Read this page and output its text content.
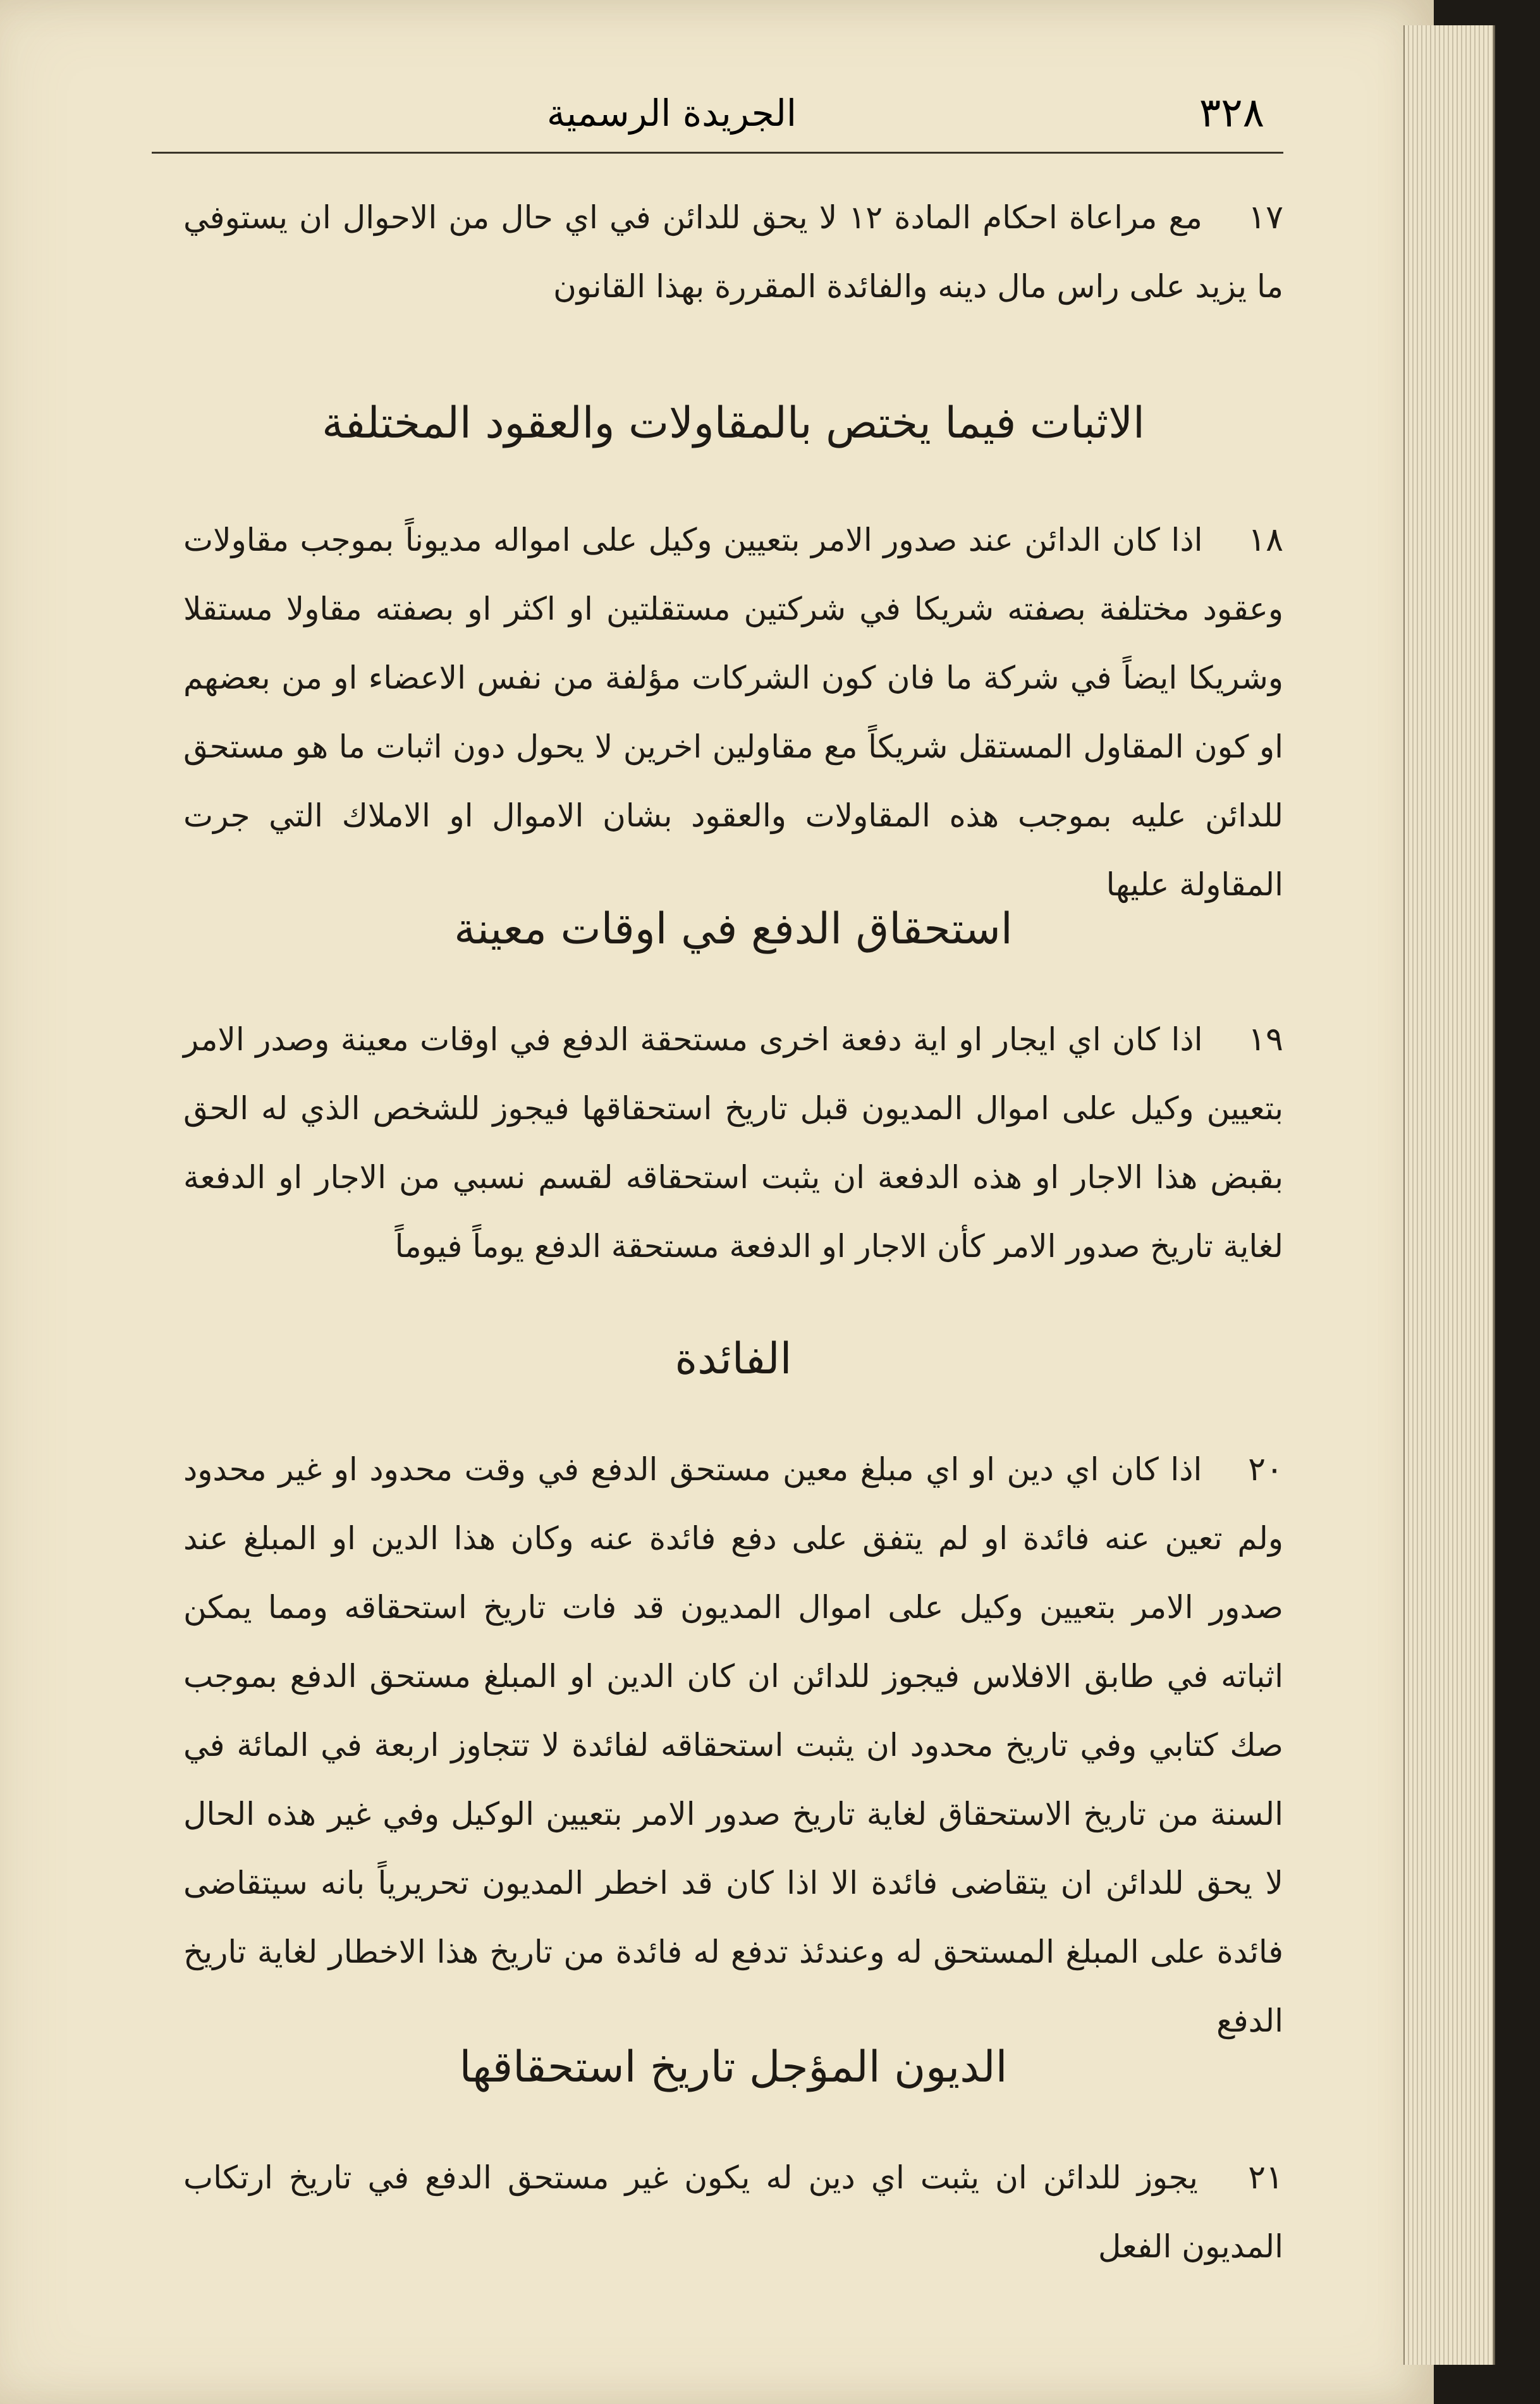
٣٢٨
الجريدة الرسمية
١٧ مع مراعاة احكام المادة ١٢ لا يحق للدائن في اي حال من الاحوال ان يستوفي ما يزيد على راس مال دينه والفائدة المقررة بهذا القانون
الاثبات فيما يختص بالمقاولات والعقود المختلفة
١٨ اذا كان الدائن عند صدور الامر بتعيين وكيل على امواله مديوناً بموجب مقاولات وعقود مختلفة بصفته شريكا في شركتين مستقلتين او اكثر او بصفته مقاولا مستقلا وشريكا ايضاً في شركة ما فان كون الشركات مؤلفة من نفس الاعضاء او من بعضهم او كون المقاول المستقل شريكاً مع مقاولين اخرين لا يحول دون اثبات ما هو مستحق للدائن عليه بموجب هذه المقاولات والعقود بشان الاموال او الاملاك التي جرت المقاولة عليها
استحقاق الدفع في اوقات معينة
١٩ اذا كان اي ايجار او اية دفعة اخرى مستحقة الدفع في اوقات معينة وصدر الامر بتعيين وكيل على اموال المديون قبل تاريخ استحقاقها فيجوز للشخص الذي له الحق بقبض هذا الاجار او هذه الدفعة ان يثبت استحقاقه لقسم نسبي من الاجار او الدفعة لغاية تاريخ صدور الامر كأن الاجار او الدفعة مستحقة الدفع يوماً فيوماً
الفائدة
٢٠ اذا كان اي دين او اي مبلغ معين مستحق الدفع في وقت محدود او غير محدود ولم تعين عنه فائدة او لم يتفق على دفع فائدة عنه وكان هذا الدين او المبلغ عند صدور الامر بتعيين وكيل على اموال المديون قد فات تاريخ استحقاقه ومما يمكن اثباته في طابق الافلاس فيجوز للدائن ان كان الدين او المبلغ مستحق الدفع بموجب صك كتابي وفي تاريخ محدود ان يثبت استحقاقه لفائدة لا تتجاوز اربعة في المائة في السنة من تاريخ الاستحقاق لغاية تاريخ صدور الامر بتعيين الوكيل وفي غير هذه الحال لا يحق للدائن ان يتقاضى فائدة الا اذا كان قد اخطر المديون تحريرياً بانه سيتقاضى فائدة على المبلغ المستحق له وعندئذ تدفع له فائدة من تاريخ هذا الاخطار لغاية تاريخ الدفع
الديون المؤجل تاريخ استحقاقها
٢١ يجوز للدائن ان يثبت اي دين له يكون غير مستحق الدفع في تاريخ ارتكاب المديون الفعل
